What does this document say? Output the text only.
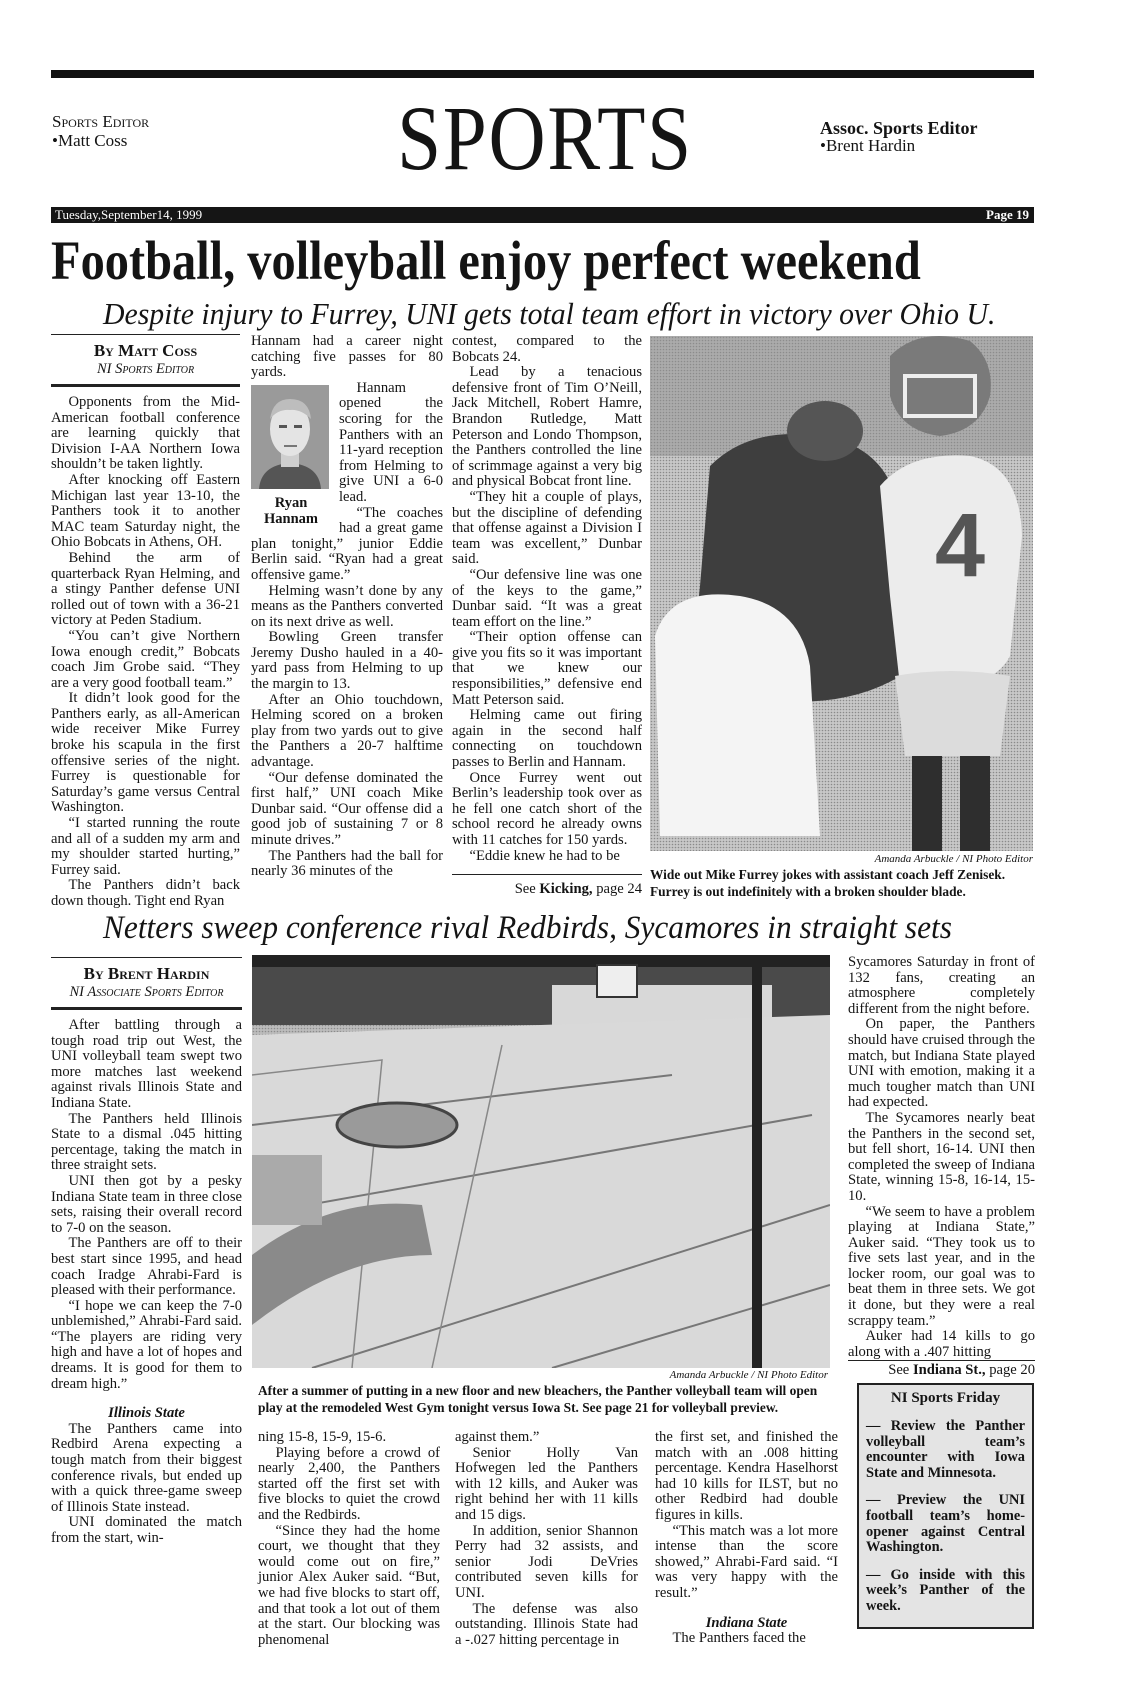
Sports Editor
•Matt Coss	SPORTS	Assoc. Sports Editor
•Brent Hardin
Tuesday,September14, 1999	Page 19
Football, volleyball enjoy perfect weekend
Despite injury to Furrey, UNI gets total team effort in victory over Ohio U.
By Matt Coss
NI Sports Editor

Opponents from the Mid-American football conference are learning quickly that Division I-AA Northern Iowa shouldn’t be taken lightly.

After knocking off Eastern Michigan last year 13-10, the Panthers took it to another MAC team Saturday night, the Ohio Bobcats in Athens, OH.

Behind the arm of quarterback Ryan Helming, and a stingy Panther defense UNI rolled out of town with a 36-21 victory at Peden Stadium.

“You can’t give Northern Iowa enough credit,” Bobcats coach Jim Grobe said. “They are a very good football team.”

It didn’t look good for the Panthers early, as all-American wide receiver Mike Furrey broke his scapula in the first offensive series of the night. Furrey is questionable for Saturday’s game versus Central Washington.

“I started running the route and all of a sudden my arm and my shoulder started hurting,” Furrey said.

The Panthers didn’t back down though. Tight end Ryan

Hannam had a career night catching five passes for 80 yards.

Ryan
Hannam

Hannam opened the scoring for the Panthers with an 11-yard reception from Helming to give UNI a 6-0 lead.

“The coaches had a great game plan tonight,” junior Eddie Berlin said. “Ryan had a great offensive game.”

Helming wasn’t done by any means as the Panthers converted on its next drive as well.

Bowling Green transfer Jeremy Dusho hauled in a 40-yard pass from Helming to up the margin to 13.

After an Ohio touchdown, Helming scored on a broken play from two yards out to give the Panthers a 20-7 halftime advantage.

“Our defense dominated the first half,” UNI coach Mike Dunbar said. “Our offense did a good job of sustaining 7 or 8 minute drives.”

The Panthers had the ball for nearly 36 minutes of the

contest, compared to the Bobcats 24.

Lead by a tenacious defensive front of Tim O’Neill, Jack Mitchell, Robert Hamre, Brandon Rutledge, Matt Peterson and Londo Thompson, the Panthers controlled the line of scrimmage against a very big and physical Bobcat front line.

“They hit a couple of plays, but the discipline of defending that offense against a Division I team was excellent,” Dunbar said.

“Our defensive line was one of the keys to the game,” Dunbar said. “It was a great team effort on the line.”

“Their option offense can give you fits so it was important that we knew our responsibilities,” defensive end Matt Peterson said.

Helming came out firing again in the second half connecting on touchdown passes to Berlin and Hannam.

Once Furrey went out Berlin’s leadership took over as he fell one catch short of the school record he already owns with 11 catches for 150 yards.

“Eddie knew he had to be

See Kicking, page 24
4
Amanda Arbuckle / NI Photo Editor
Wide out Mike Furrey jokes with assistant coach Jeff Zenisek. Furrey is out indefinitely with a broken shoulder blade.
Netters sweep conference rival Redbirds, Sycamores in straight sets
By Brent Hardin
NI Associate Sports Editor

After battling through a tough road trip out West, the UNI volleyball team swept two more matches last weekend against rivals Illinois State and Indiana State.

The Panthers held Illinois State to a dismal .045 hitting percentage, taking the match in three straight sets.

UNI then got by a pesky Indiana State team in three close sets, raising their overall record to 7-0 on the season.

The Panthers are off to their best start since 1995, and head coach Iradge Ahrabi-Fard is pleased with their performance.

“I hope we can keep the 7-0 unblemished,” Ahrabi-Fard said. “The players are riding very high and have a lot of hopes and dreams. It is good for them to dream high.”

Illinois State

The Panthers came into Redbird Arena expecting a tough match from their biggest conference rivals, but ended up with a quick three-game sweep of Illinois State instead.

UNI dominated the match from the start, win-

Amanda Arbuckle / NI Photo Editor
After a summer of putting in a new floor and new bleachers, the Panther volleyball team will open play at the remodeled West Gym tonight versus Iowa St. See page 21 for volleyball preview.

ning 15-8, 15-9, 15-6.

Playing before a crowd of nearly 2,400, the Panthers started off the first set with five blocks to quiet the crowd and the Redbirds.

“Since they had the home court, we thought that they would come out on fire,” junior Alex Auker said. “But, we had five blocks to start off, and that took a lot out of them at the start. Our blocking was phenomenal

against them.”

Senior Holly Van Hofwegen led the Panthers with 12 kills, and Auker was right behind her with 11 kills and 15 digs.

In addition, senior Shannon Perry had 32 assists, and senior Jodi DeVries contributed seven kills for UNI.

The defense was also outstanding. Illinois State had a -.027 hitting percentage in

the first set, and finished the match with an .008 hitting percentage. Kendra Haselhorst had 10 kills for ILST, but no other Redbird had double figures in kills.

“This match was a lot more intense than the score showed,” Ahrabi-Fard said. “I was very happy with the result.”

Indiana State

The Panthers faced the

Sycamores Saturday in front of 132 fans, creating an atmosphere completely different from the night before.

On paper, the Panthers should have cruised through the match, but Indiana State played UNI with emotion, making it a much tougher match than UNI had expected.

The Sycamores nearly beat the Panthers in the second set, but fell short, 16-14. UNI then completed the sweep of Indiana State, winning 15-8, 16-14, 15-10.

“We seem to have a problem playing at Indiana State,” Auker said. “They took us to five sets last year, and in the locker room, our goal was to beat them in three sets. We got it done, but they were a real scrappy team.”

Auker had 14 kills to go along with a .407 hitting

See Indiana St., page 20
NI Sports Friday
— Review the Panther volleyball team’s encounter with Iowa State and Minnesota.
— Preview the UNI football team’s home-opener against Central Washington.
— Go inside with this week’s Panther of the week.
